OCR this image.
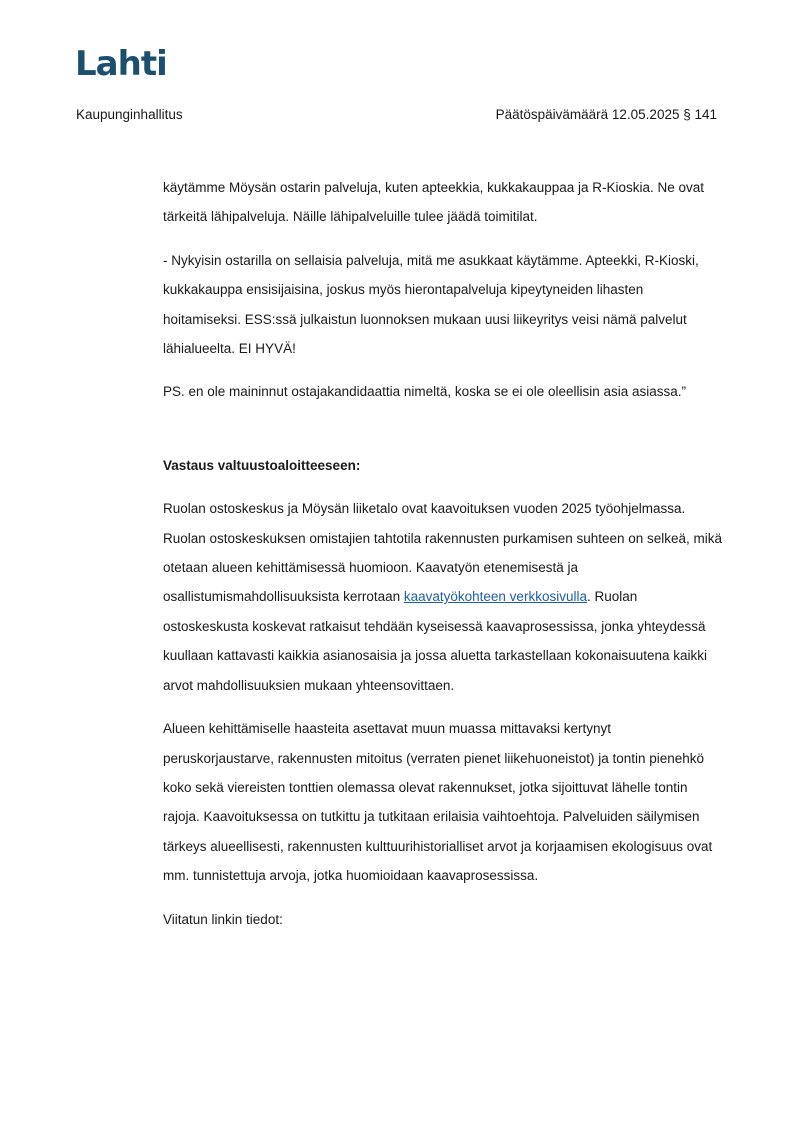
Lahti
Kaupunginhallitus	Päätöspäivämäärä 12.05.2025 § 141

käytämme Möysän ostarin palveluja, kuten apteekkia, kukkakauppaa ja R-Kioskia. Ne ovat tärkeitä lähipalveluja. Näille lähipalveluille tulee jäädä toimitilat.

- Nykyisin ostarilla on sellaisia palveluja, mitä me asukkaat käytämme. Apteekki, R-Kioski, kukkakauppa ensisijaisina, joskus myös hierontapalveluja kipeytyneiden lihasten hoitamiseksi. ESS:ssä julkaistun luonnoksen mukaan uusi liikeyritys veisi nämä palvelut lähialueelta. EI HYVÄ!

PS. en ole maininnut ostajakandidaattia nimeltä, koska se ei ole oleellisin asia asiassa.”

Vastaus valtuustoaloitteeseen:

Ruolan ostoskeskus ja Möysän liiketalo ovat kaavoituksen vuoden 2025 työohjelmassa. Ruolan ostoskeskuksen omistajien tahtotila rakennusten purkamisen suhteen on selkeä, mikä otetaan alueen kehittämisessä huomioon. Kaavatyön etenemisestä ja osallistumismahdollisuuksista kerrotaan kaavatyökohteen verkkosivulla. Ruolan ostoskeskusta koskevat ratkaisut tehdään kyseisessä kaavaprosessissa, jonka yhteydessä kuullaan kattavasti kaikkia asianosaisia ja jossa aluetta tarkastellaan kokonaisuutena kaikki arvot mahdollisuuksien mukaan yhteensovittaen.

Alueen kehittämiselle haasteita asettavat muun muassa mittavaksi kertynyt peruskorjaustarve, rakennusten mitoitus (verraten pienet liikehuoneistot) ja tontin pienehkö koko sekä viereisten tonttien olemassa olevat rakennukset, jotka sijoittuvat lähelle tontin rajoja. Kaavoituksessa on tutkittu ja tutkitaan erilaisia vaihtoehtoja. Palveluiden säilymisen tärkeys alueellisesti, rakennusten kulttuurihistorialliset arvot ja korjaamisen ekologisuus ovat mm. tunnistettuja arvoja, jotka huomioidaan kaavaprosessissa.

Viitatun linkin tiedot:
